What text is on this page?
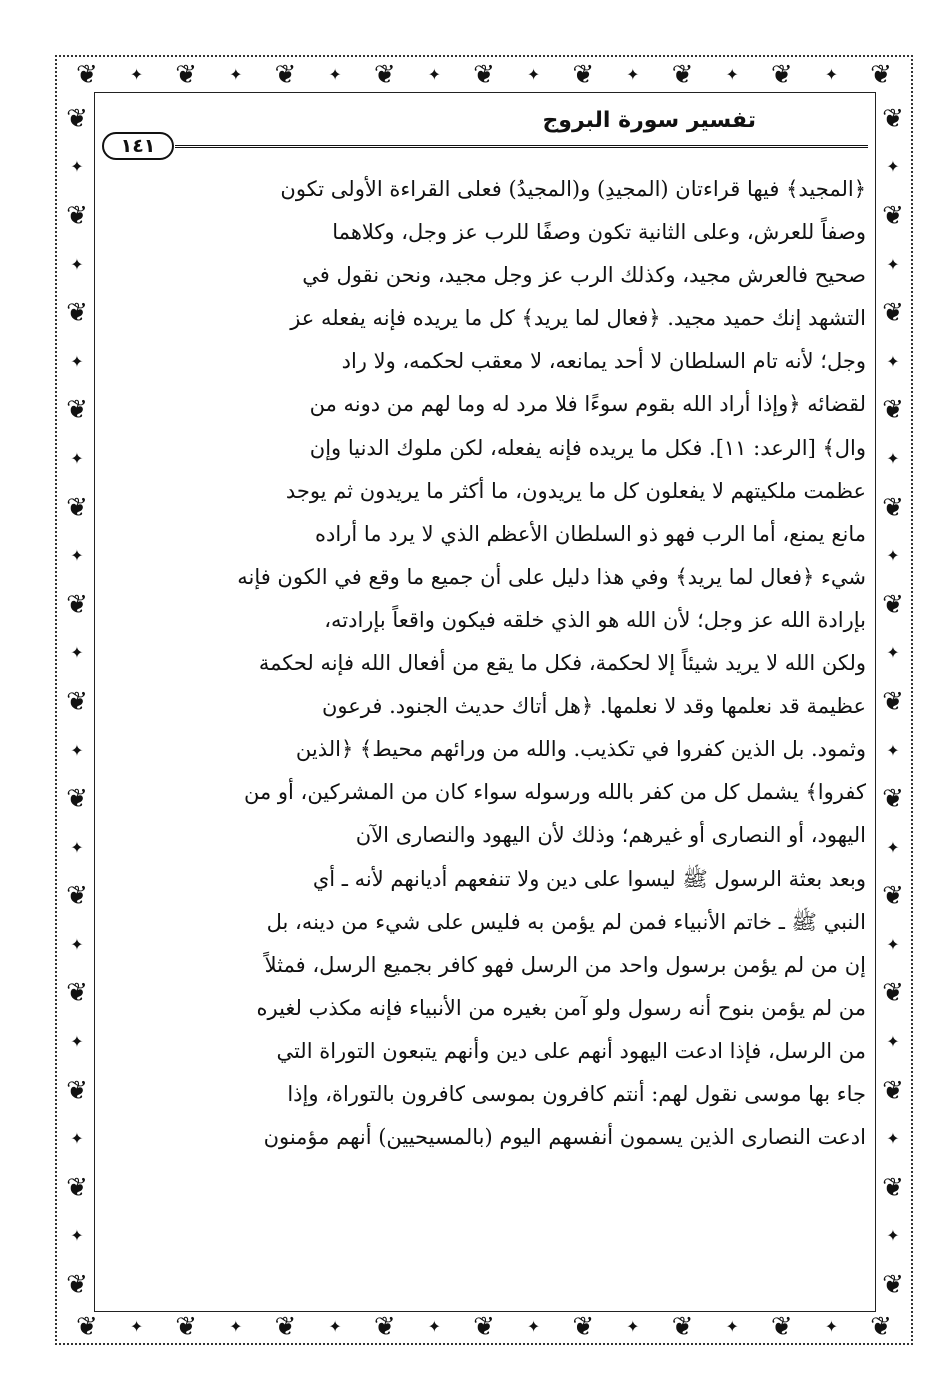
❦ ✦ ❦ ✦ ❦ ✦ ❦ ✦ ❦ ✦ ❦ ✦ ❦ ✦ ❦ ✦ ❦
❦ ✦ ❦ ✦ ❦ ✦ ❦ ✦ ❦ ✦ ❦ ✦ ❦ ✦ ❦ ✦ ❦
❦
✦
❦
✦
❦
✦
❦
✦
❦
✦
❦
✦
❦
✦
❦
✦
❦
✦
❦
✦
❦
✦
❦
✦
❦
❦
✦
❦
✦
❦
✦
❦
✦
❦
✦
❦
✦
❦
✦
❦
✦
❦
✦
❦
✦
❦
✦
❦
✦
❦
تفسير سورة البروج
١٤١
﴿المجيد﴾ فيها قراءتان (المجيدِ) و(المجيدُ) فعلى القراءة الأولى تكون
وصفاً للعرش، وعلى الثانية تكون وصفًا للرب عز وجل، وكلاهما
صحيح فالعرش مجيد، وكذلك الرب عز وجل مجيد، ونحن نقول في
التشهد إنك حميد مجيد. ﴿فعال لما يريد﴾ كل ما يريده فإنه يفعله عز
وجل؛ لأنه تام السلطان لا أحد يمانعه، لا معقب لحكمه، ولا راد
لقضائه ﴿وإذا أراد الله بقوم سوءًا فلا مرد له وما لهم من دونه من
وال﴾ [الرعد: ١١]. فكل ما يريده فإنه يفعله، لكن ملوك الدنيا وإن
عظمت ملكيتهم لا يفعلون كل ما يريدون، ما أكثر ما يريدون ثم يوجد
مانع يمنع، أما الرب فهو ذو السلطان الأعظم الذي لا يرد ما أراده
شيء ﴿فعال لما يريد﴾ وفي هذا دليل على أن جميع ما وقع في الكون فإنه
بإرادة الله عز وجل؛ لأن الله هو الذي خلقه فيكون واقعاً بإرادته،
ولكن الله لا يريد شيئاً إلا لحكمة، فكل ما يقع من أفعال الله فإنه لحكمة
عظيمة قد نعلمها وقد لا نعلمها. ﴿هل أتاك حديث الجنود. فرعون
وثمود. بل الذين كفروا في تكذيب. والله من ورائهم محيط﴾ ﴿الذين
كفروا﴾ يشمل كل من كفر بالله ورسوله سواء كان من المشركين، أو من
اليهود، أو النصارى أو غيرهم؛ وذلك لأن اليهود والنصارى الآن
وبعد بعثة الرسول ﷺ ليسوا على دين ولا تنفعهم أديانهم لأنه ـ أي
النبي ﷺ ـ خاتم الأنبياء فمن لم يؤمن به فليس على شيء من دينه، بل
إن من لم يؤمن برسول واحد من الرسل فهو كافر بجميع الرسل، فمثلاً
من لم يؤمن بنوح أنه رسول ولو آمن بغيره من الأنبياء فإنه مكذب لغيره
من الرسل، فإذا ادعت اليهود أنهم على دين وأنهم يتبعون التوراة التي
جاء بها موسى نقول لهم: أنتم كافرون بموسى كافرون بالتوراة، وإذا
ادعت النصارى الذين يسمون أنفسهم اليوم (بالمسيحيين) أنهم مؤمنون
